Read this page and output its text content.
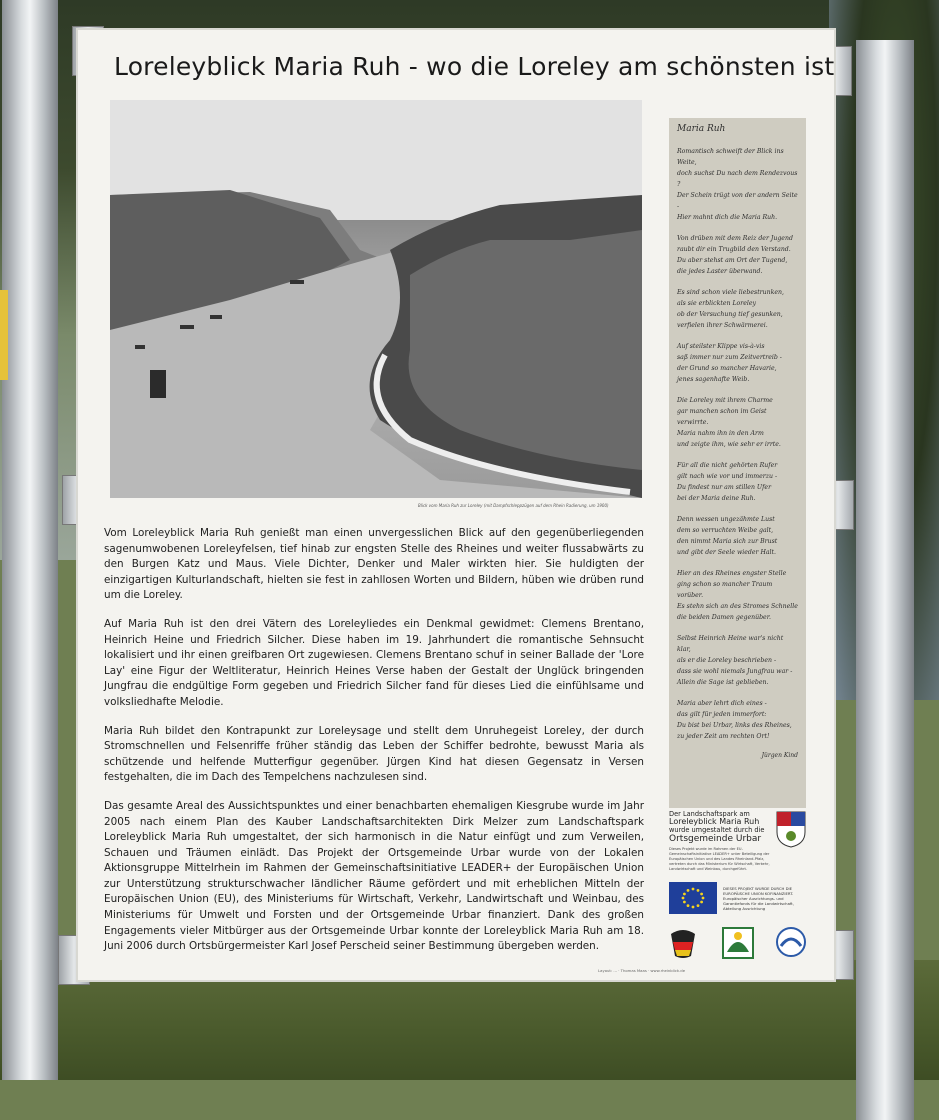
Loreleyblick Maria Ruh - wo die Loreley am schönsten ist
Blick vom Maria Ruh zur Loreley (mit Dampfschleppzügen auf dem Rhein Radierung, um 1900)
Maria Ruh
Romantisch schweift der Blick ins Weite,
doch suchst Du nach dem Rendezvous ?
Der Schein trügt von der andern Seite -
Hier mahnt dich die Maria Ruh.
Von drüben mit dem Reiz der Jugend
raubt dir ein Trugbild den Verstand.
Du aber stehst am Ort der Tugend,
die jedes Laster überwand.
Es sind schon viele liebestrunken,
als sie erblickten Loreley
ob der Versuchung tief gesunken,
verfielen ihrer Schwärmerei.
Auf steilster Klippe vis-à-vis
saß immer nur zum Zeitvertreib -
der Grund so mancher Havarie,
jenes sagenhafte Weib.
Die Loreley mit ihrem Charme
gar manchen schon im Geist verwirrte.
Maria nahm ihn in den Arm
und zeigte ihm, wie sehr er irrte.
Für all die nicht gehörten Rufer
gilt nach wie vor und immerzu -
Du findest nur am stillen Ufer
bei der Maria deine Ruh.
Denn wessen ungezähmte Lust
dem so verruchten Weibe galt,
den nimmt Maria sich zur Brust
und gibt der Seele wieder Halt.
Hier an des Rheines engster Stelle
ging schon so mancher Traum vorüber.
Es stehn sich an des Stromes Schnelle
die beiden Damen gegenüber.
Selbst Heinrich Heine war's nicht klar,
als er die Loreley beschrieben -
dass sie wohl niemals Jungfrau war -
Allein die Sage ist geblieben.
Maria aber lehrt dich eines -
das gilt für jeden immerfort:
Du bist bei Urbar, links des Rheines,
zu jeder Zeit am rechten Ort!
Jürgen Kind

Vom Loreleyblick Maria Ruh genießt man einen unvergesslichen Blick auf den gegenüberliegenden sagenumwobenen Loreleyfelsen, tief hinab zur engsten Stelle des Rheines und weiter flussabwärts zu den Burgen Katz und Maus. Viele Dichter, Denker und Maler wirkten hier. Sie huldigten der einzigartigen Kulturlandschaft, hielten sie fest in zahllosen Worten und Bildern, hüben wie drüben rund um die Loreley.

Auf Maria Ruh ist den drei Vätern des Loreleyliedes ein Denkmal gewidmet: Clemens Brentano, Heinrich Heine und Friedrich Silcher. Diese haben im 19. Jahrhundert die romantische Sehnsucht lokalisiert und ihr einen greifbaren Ort zugewiesen. Clemens Brentano schuf in seiner Ballade der 'Lore Lay' eine Figur der Weltliteratur, Heinrich Heines Verse haben der Gestalt der Unglück bringenden Jungfrau die endgültige Form gegeben und Friedrich Silcher fand für dieses Lied die einfühlsame und volksliedhafte Melodie.

Maria Ruh bildet den Kontrapunkt zur Loreleysage und stellt dem Unruhegeist Loreley, der durch Stromschnellen und Felsenriffe früher ständig das Leben der Schiffer bedrohte, bewusst Maria als schützende und helfende Mutterfigur gegenüber. Jürgen Kind hat diesen Gegensatz in Versen festgehalten, die im Dach des Tempelchens nachzulesen sind.

Das gesamte Areal des Aussichtspunktes und einer benachbarten ehemaligen Kiesgrube wurde im Jahr 2005 nach einem Plan des Kauber Landschaftsarchitekten Dirk Melzer zum Landschaftspark Loreleyblick Maria Ruh umgestaltet, der sich harmonisch in die Natur einfügt und zum Verweilen, Schauen und Träumen einlädt. Das Projekt der Ortsgemeinde Urbar wurde von der Lokalen Aktionsgruppe Mittelrhein im Rahmen der Gemeinschaftsinitiative LEADER+ der Europäischen Union zur Unterstützung strukturschwacher ländlicher Räume gefördert und mit erheblichen Mitteln der Europäischen Union (EU), des Ministeriums für Wirtschaft, Verkehr, Landwirtschaft und Weinbau, des Ministeriums für Umwelt und Forsten und der Ortsgemeinde Urbar finanziert. Dank des großen Engagements vieler Mitbürger aus der Ortsgemeinde Urbar konnte der Loreleyblick Maria Ruh am 18. Juni 2006 durch Ortsbürgermeister Karl Josef Perscheid seiner Bestimmung übergeben werden.

Der Landschaftspark am
Loreleyblick Maria Ruh
wurde umgestaltet durch die
Ortsgemeinde Urbar
Dieses Projekt wurde im Rahmen der EU-Gemeinschaftsinitiative LEADER+ unter Beteiligung der Europäischen Union und des Landes Rheinland-Pfalz, vertreten durch das Ministerium für Wirtschaft, Verkehr, Landwirtschaft und Weinbau, durchgeführt.
DIESES PROJEKT WURDE DURCH DIE EUROPÄISCHE UNION KOFINANZIERT. Europäischer Ausrichtungs- und Garantiefonds für die Landwirtschaft, Abteilung Ausrichtung
Layout: ... · Thomas Maas · www.rheinblick.de
